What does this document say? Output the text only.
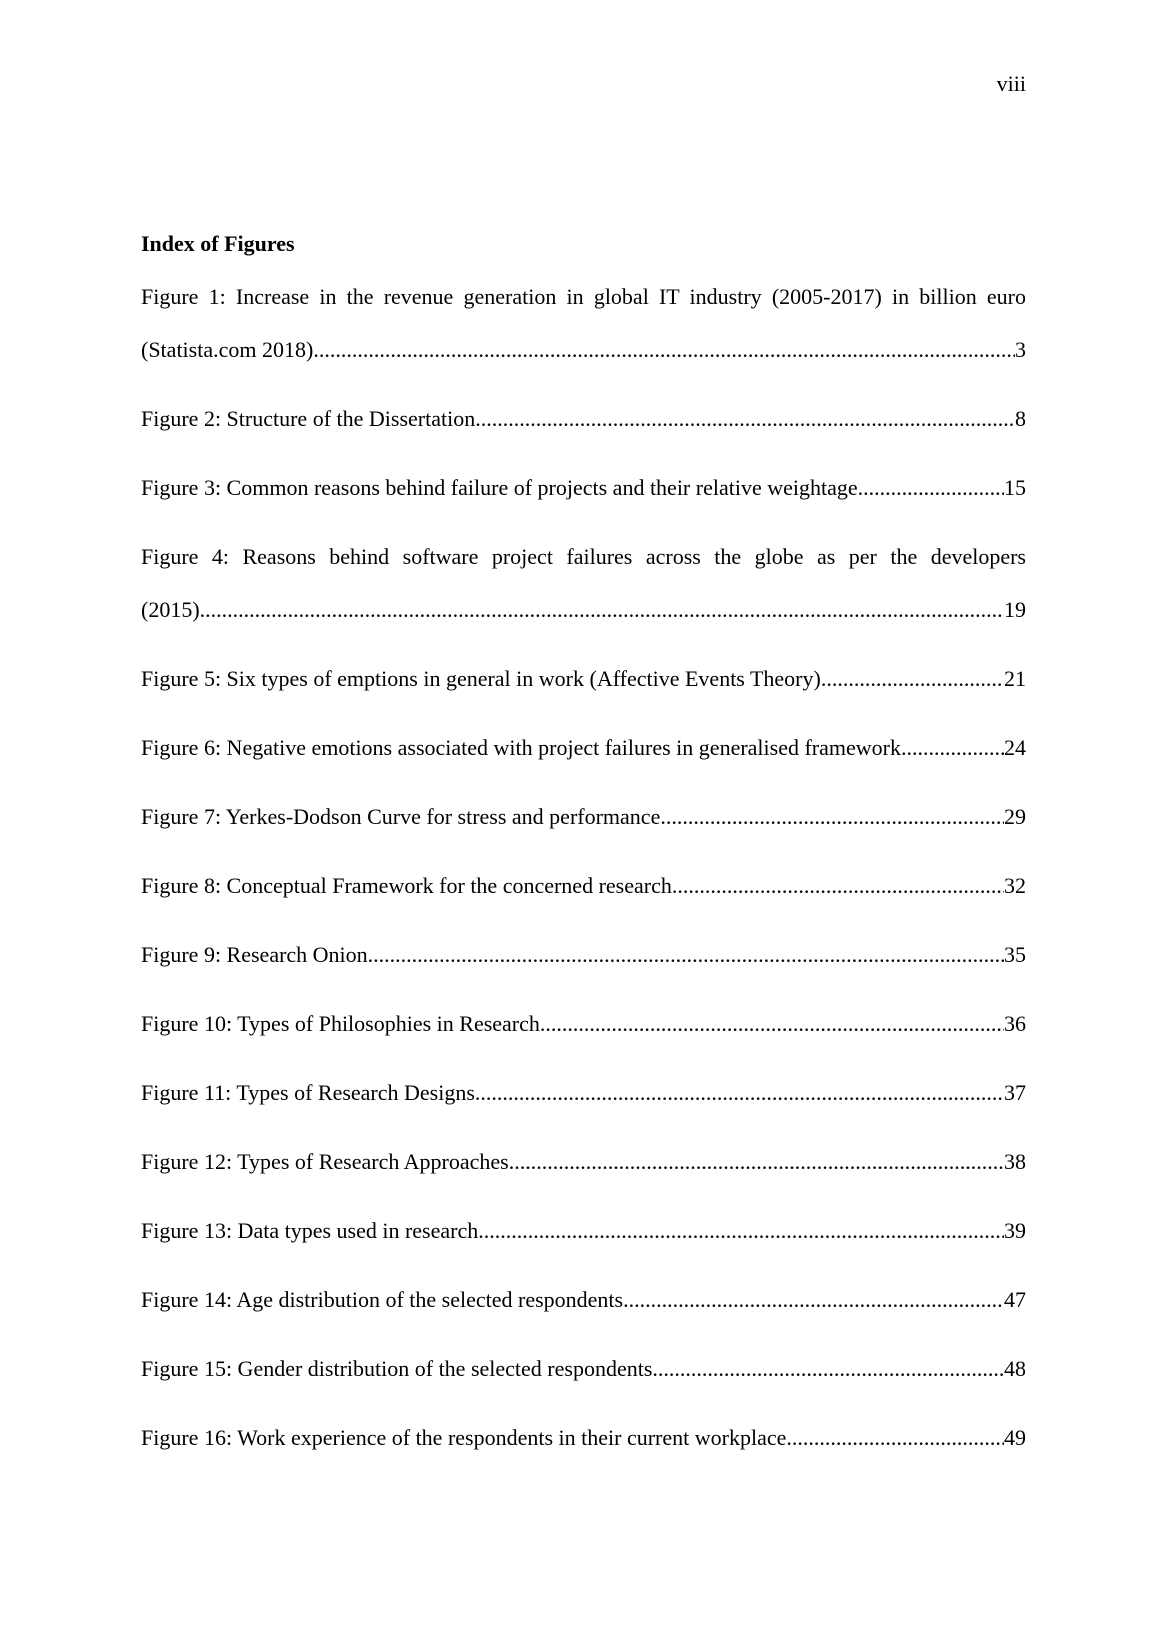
viii
Index of Figures
Figure 1: Increase in the revenue generation in global IT industry (2005-2017) in billion euro
(Statista.com 2018) .....	3
Figure 2: Structure of the Dissertation .....	8
Figure 3: Common reasons behind failure of projects and their relative weightage .....	15
Figure 4: Reasons behind software project failures across the globe as per the developers
(2015) .....	19
Figure 5: Six types of emptions in general in work (Affective Events Theory) .....	21
Figure 6: Negative emotions associated with project failures in generalised framework .....	24
Figure 7: Yerkes-Dodson Curve for stress and performance .....	29
Figure 8: Conceptual Framework for the concerned research .....	32
Figure 9: Research Onion .....	35
Figure 10: Types of Philosophies in Research .....	36
Figure 11: Types of Research Designs .....	37
Figure 12: Types of Research Approaches .....	38
Figure 13: Data types used in research .....	39
Figure 14: Age distribution of the selected respondents .....	47
Figure 15: Gender distribution of the selected respondents .....	48
Figure 16: Work experience of the respondents in their current workplace .....	49
